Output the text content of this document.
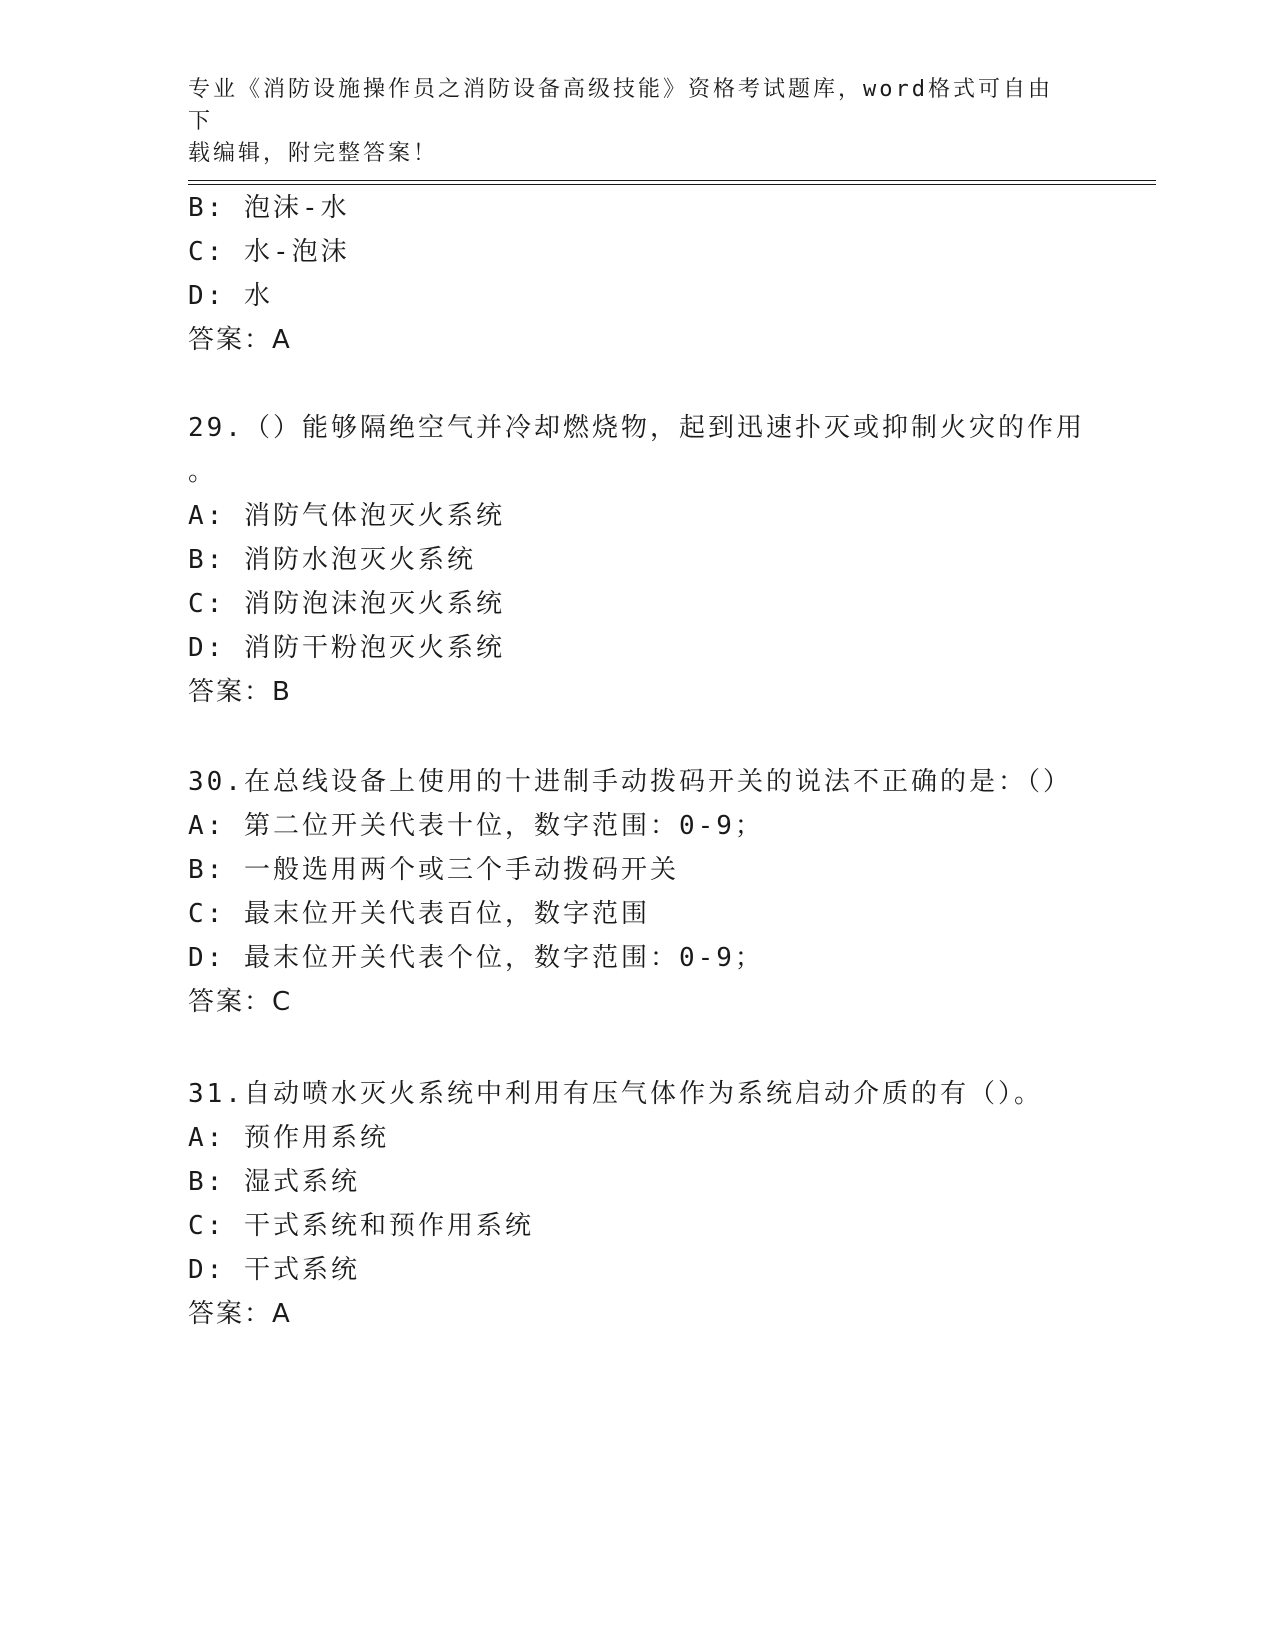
专业《消防设施操作员之消防设备高级技能》资格考试题库，word格式可自由下
载编辑，附完整答案！
B: 泡沫-水
C: 水-泡沫
D: 水
答案：A
29.（）能够隔绝空气并冷却燃烧物，起到迅速扑灭或抑制火灾的作用
。
A: 消防气体泡灭火系统
B: 消防水泡灭火系统
C: 消防泡沫泡灭火系统
D: 消防干粉泡灭火系统
答案：B
30.在总线设备上使用的十进制手动拨码开关的说法不正确的是：（）
A: 第二位开关代表十位，数字范围：0-9；
B: 一般选用两个或三个手动拨码开关
C: 最末位开关代表百位，数字范围
D: 最末位开关代表个位，数字范围：0-9；
答案：C
31.自动喷水灭火系统中利用有压气体作为系统启动介质的有（）。
A: 预作用系统
B: 湿式系统
C: 干式系统和预作用系统
D: 干式系统
答案：A
